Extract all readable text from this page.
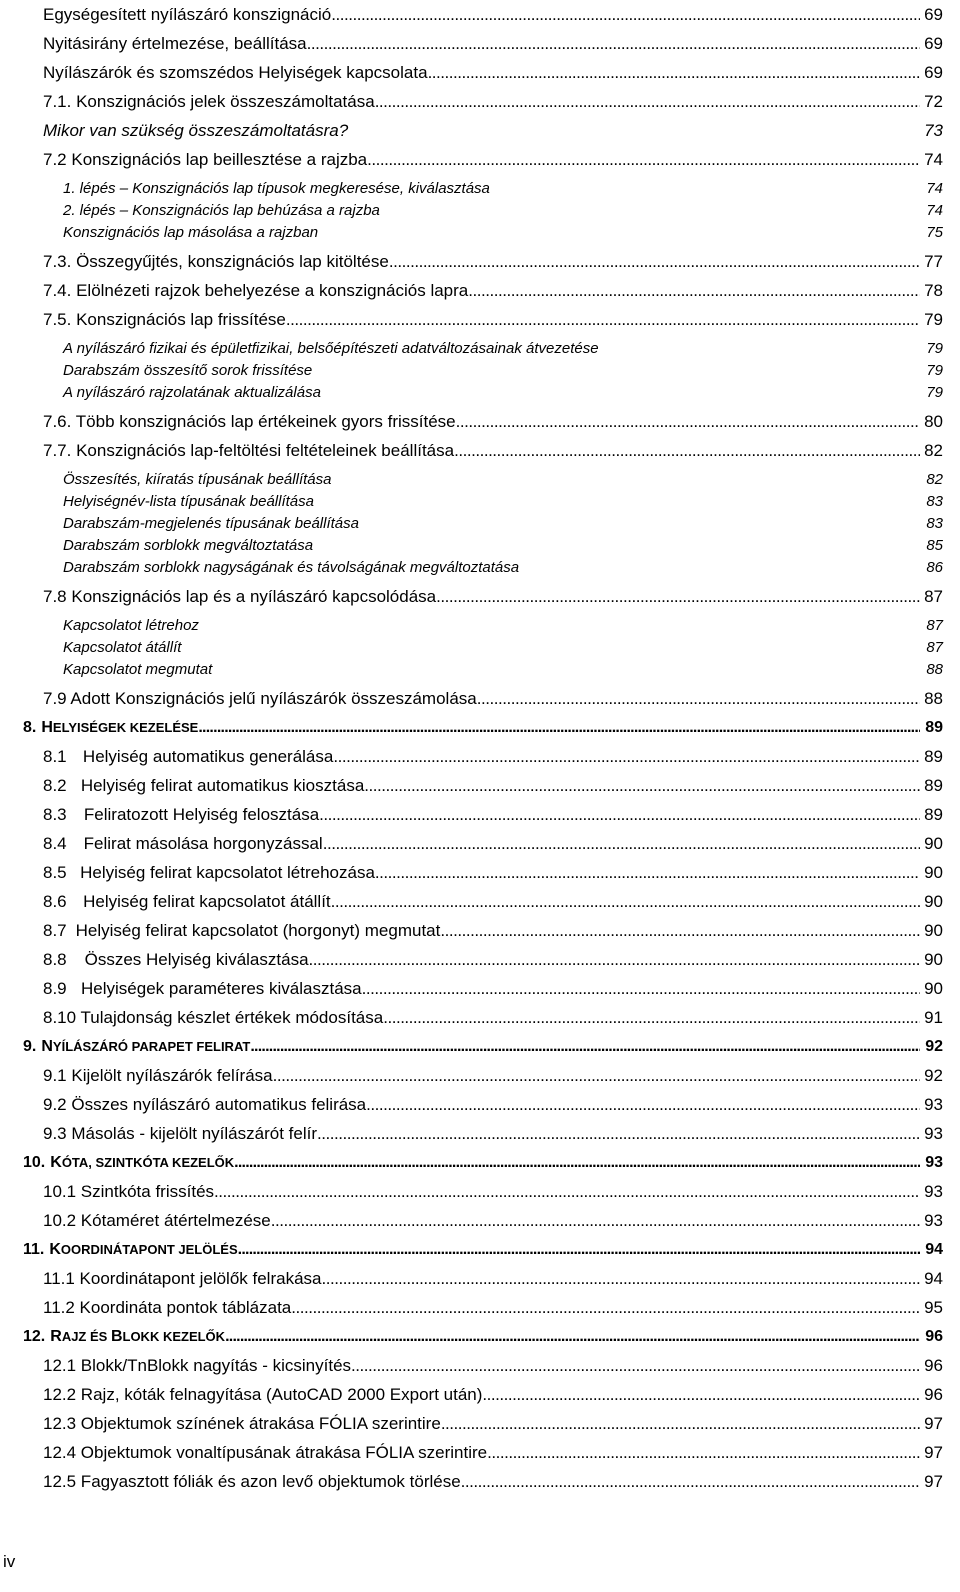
Egységesített nyílászáró konszignáció . . .	69
Nyitásirány értelmezése, beállítása . . .	69
Nyílászárók és szomszédos Helyiségek kapcsolata . . .	69
7.1. Konszignációs jelek összeszámoltatása . . .	72
Mikor van szükség összeszámoltatásra?	73
7.2 Konszignációs lap beillesztése a rajzba . . .	74
1. lépés – Konszignációs lap típusok megkeresése, kiválasztása	74
2. lépés – Konszignációs lap behúzása a rajzba	74
Konszignációs lap másolása a rajzban	75
7.3. Összegyűjtés, konszignációs lap kitöltése . . .	77
7.4. Elölnézeti rajzok behelyezése a konszignációs lapra . . .	78
7.5. Konszignációs lap frissítése . . .	79
A nyílászáró fizikai és épületfizikai, belsőépítészeti adatváltozásainak átvezetése	79
Darabszám összesítő sorok frissítése	79
A nyílászáró rajzolatának aktualizálása	79
7.6. Több konszignációs lap értékeinek gyors frissítése . . .	80
7.7. Konszignációs lap-feltöltési feltételeinek beállítása . . .	82
Összesítés, kiíratás típusának beállítása	82
Helyiségnév-lista típusának beállítása	83
Darabszám-megjelenés típusának beállítása	83
Darabszám sorblokk megváltoztatása	85
Darabszám sorblokk nagyságának és távolságának megváltoztatása	86
7.8 Konszignációs lap és a nyílászáró kapcsolódása . . .	87
Kapcsolatot létrehoz	87
Kapcsolatot átállít	87
Kapcsolatot megmutat	88
7.9 Adott Konszignációs jelű nyílászárók összeszámolása . . .	88
8. HELYISÉGEK KEZELÉSE . . .	89
8.1 Helyiség automatikus generálása . . .	89
8.2 Helyiség felirat automatikus kiosztása . . .	89
8.3	Feliratozott Helyiség felosztása . . .	89
8.4	Felirat másolása horgonyzással . . .	90
8.5 Helyiség felirat kapcsolatot létrehozása . . .	90
8.6 Helyiség felirat kapcsolatot átállít . . .	90
8.7 Helyiség felirat kapcsolatot (horgonyt) megmutat . . .	90
8.8	Összes Helyiség kiválasztása . . .	90
8.9 Helyiségek paraméteres kiválasztása . . .	90
8.10 Tulajdonság készlet értékek módosítása . . .	91
9. NYÍLÁSZÁRÓ PARAPET FELIRAT . . .	92
9.1 Kijelölt nyílászárók felírása . . .	92
9.2 Összes nyílászáró automatikus felirása . . .	93
9.3 Másolás - kijelölt nyílászárót felír . . .	93
10. KÓTA, SZINTKÓTA KEZELŐK . . .	93
10.1 Szintkóta frissítés . . .	93
10.2 Kótaméret átértelmezése . . .	93
11. KOORDINÁTAPONT JELÖLÉS . . .	94
11.1 Koordinátapont jelölők felrakása . . .	94
11.2 Koordináta pontok táblázata . . .	95
12. RAJZ ÉS BLOKK KEZELŐK . . .	96
12.1 Blokk/TnBlokk nagyítás - kicsinyítés . . .	96
12.2 Rajz, kóták felnagyítása (AutoCAD 2000 Export után) . . .	96
12.3 Objektumok színének átrakása FÓLIA szerintire . . .	97
12.4 Objektumok vonaltípusának átrakása FÓLIA szerintire . . .	97
12.5 Fagyasztott fóliák és azon levő objektumok törlése . . .	97
iv
